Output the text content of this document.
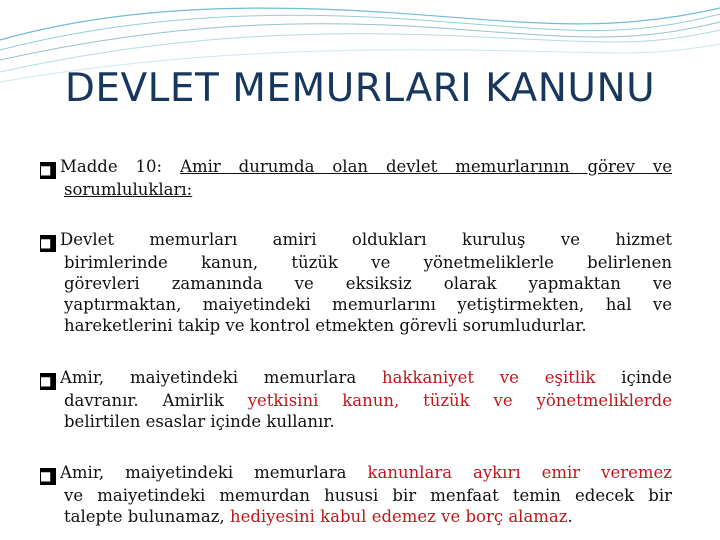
DEVLET MEMURLARI KANUNU
■ Madde 10: Amir durumda olan devlet memurlarının görev ve
sorumlulukları:
■ Devlet memurları amiri oldukları kuruluş ve hizmet
birimlerinde kanun, tüzük ve yönetmeliklerle belirlenen
görevleri zamanında ve eksiksiz olarak yapmaktan ve
yaptırmaktan, maiyetindeki memurlarını yetiştirmekten, hal ve
hareketlerini takip ve kontrol etmekten görevli sorumludurlar.
■ Amir, maiyetindeki memurlara hakkaniyet ve eşitlik içinde
davranır. Amirlik yetkisini kanun, tüzük ve yönetmeliklerde
belirtilen esaslar içinde kullanır.
■ Amir, maiyetindeki memurlara kanunlara aykırı emir veremez
ve maiyetindeki memurdan hususi bir menfaat temin edecek bir
talepte bulunamaz, hediyesini kabul edemez ve borç alamaz.
